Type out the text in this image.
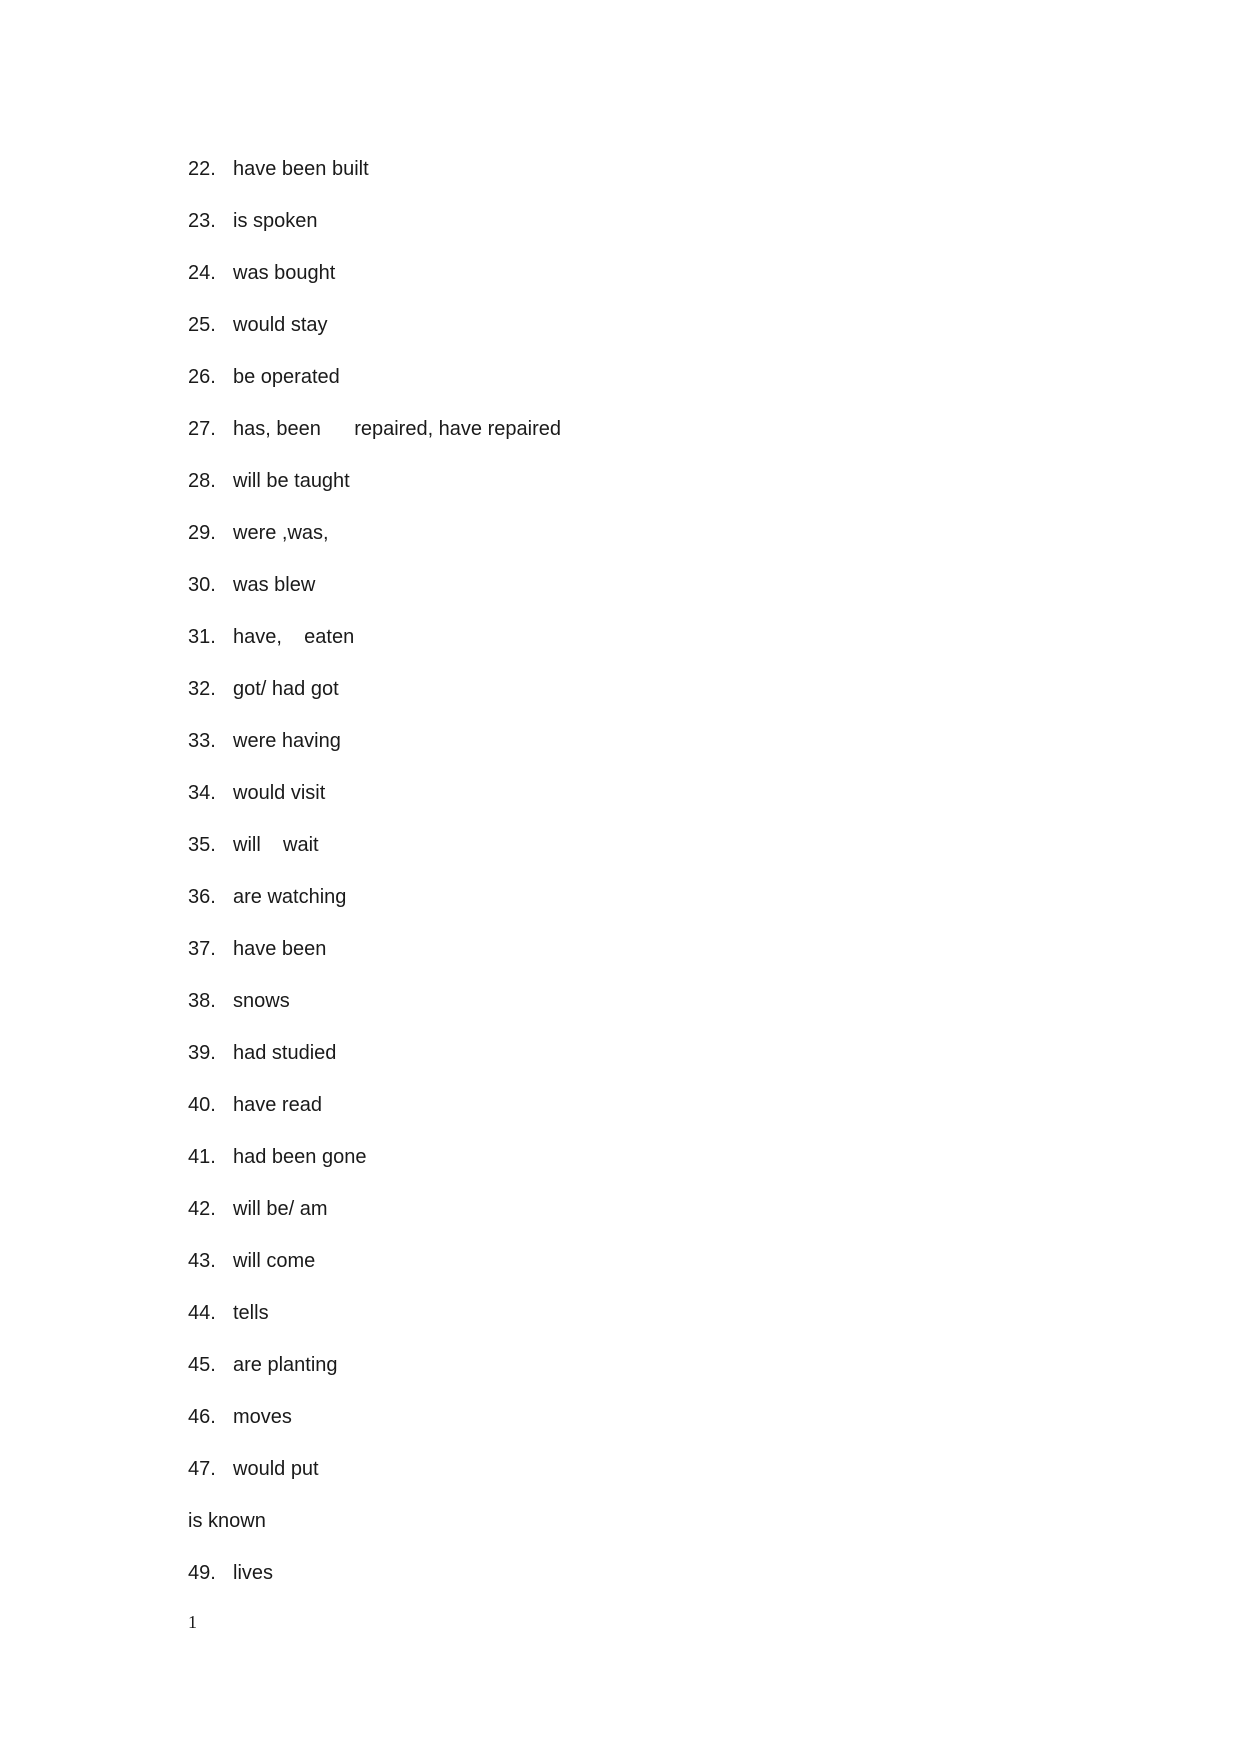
22. have been built
23. is spoken
24. was bought
25. would stay
26. be operated
27. has, been      repaired, have repaired
28. will be taught
29. were ,was,
30. was blew
31. have,    eaten
32. got/ had got
33. were having
34. would visit
35. will    wait
36. are watching
37. have been
38. snows
39. had studied
40. have read
41. had been gone
42. will be/ am
43. will come
44. tells
45. are planting
46. moves
47. would put
is known
49. lives
1
